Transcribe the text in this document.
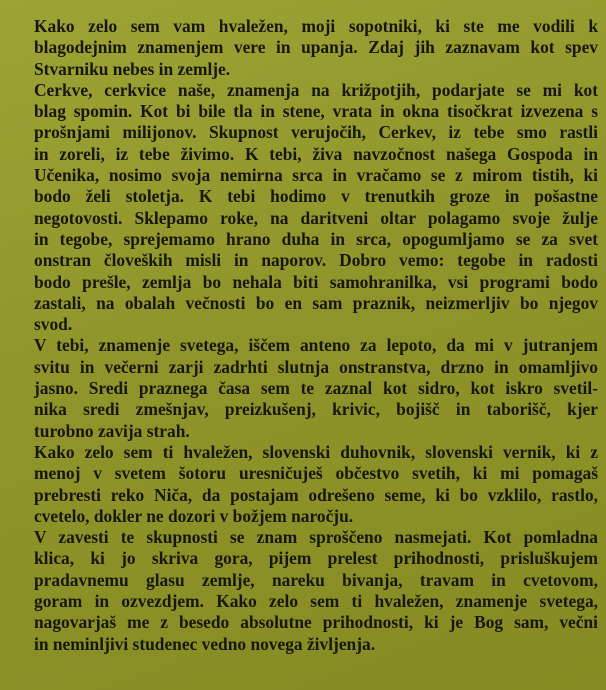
Kako zelo sem vam hvaležen, moji sopotniki, ki ste me vodili k
blagodejnim znamenjem vere in upanja. Zdaj jih zaznavam kot spev
Stvarniku nebes in zemlje.

Cerkve, cerkvice naše, znamenja na križpotjih, podarjate se mi kot
blag spomin. Kot bi bile tla in stene, vrata in okna tisočkrat izvezena s
prošnjami milijonov. Skupnost verujočih, Cerkev, iz tebe smo rastli
in zoreli, iz tebe živimo. K tebi, živa navzočnost našega Gospoda in
Učenika, nosimo svoja nemirna srca in vračamo se z mirom tistih, ki
bodo želi stoletja. K tebi hodimo v trenutkih groze in pošastne
negotovosti. Sklepamo roke, na daritveni oltar polagamo svoje žulje
in tegobe, sprejemamo hrano duha in srca, opogumljamo se za svet
onstran človeških misli in naporov. Dobro vemo: tegobe in radosti
bodo prešle, zemlja bo nehala biti samohranilka, vsi programi bodo
zastali, na obalah večnosti bo en sam praznik, neizmerljiv bo njegov
svod.

V tebi, znamenje svetega, iščem anteno za lepoto, da mi v jutranjem
svitu in večerni zarji zadrhti slutnja onstranstva, drzno in omamljivo
jasno. Sredi praznega časa sem te zaznal kot sidro, kot iskro svetil-
nika sredi zmešnjav, preizkušenj, krivic, bojišč in taborišč, kjer
turobno zavija strah.

Kako zelo sem ti hvaležen, slovenski duhovnik, slovenski vernik, ki z
menoj v svetem šotoru uresničuješ občestvo svetih, ki mi pomagaš
prebresti reko Niča, da postajam odrešeno seme, ki bo vzklilo, rastlo,
cvetelo, dokler ne dozori v božjem naročju.

V zavesti te skupnosti se znam sproščeno nasmejati. Kot pomladna
klica, ki jo skriva gora, pijem prelest prihodnosti, prisluškujem
pradavnemu glasu zemlje, nareku bivanja, travam in cvetovom,
goram in ozvezdjem. Kako zelo sem ti hvaležen, znamenje svetega,
nagovarjaš me z besedo absolutne prihodnosti, ki je Bog sam, večni
in neminljivi studenec vedno novega življenja.
